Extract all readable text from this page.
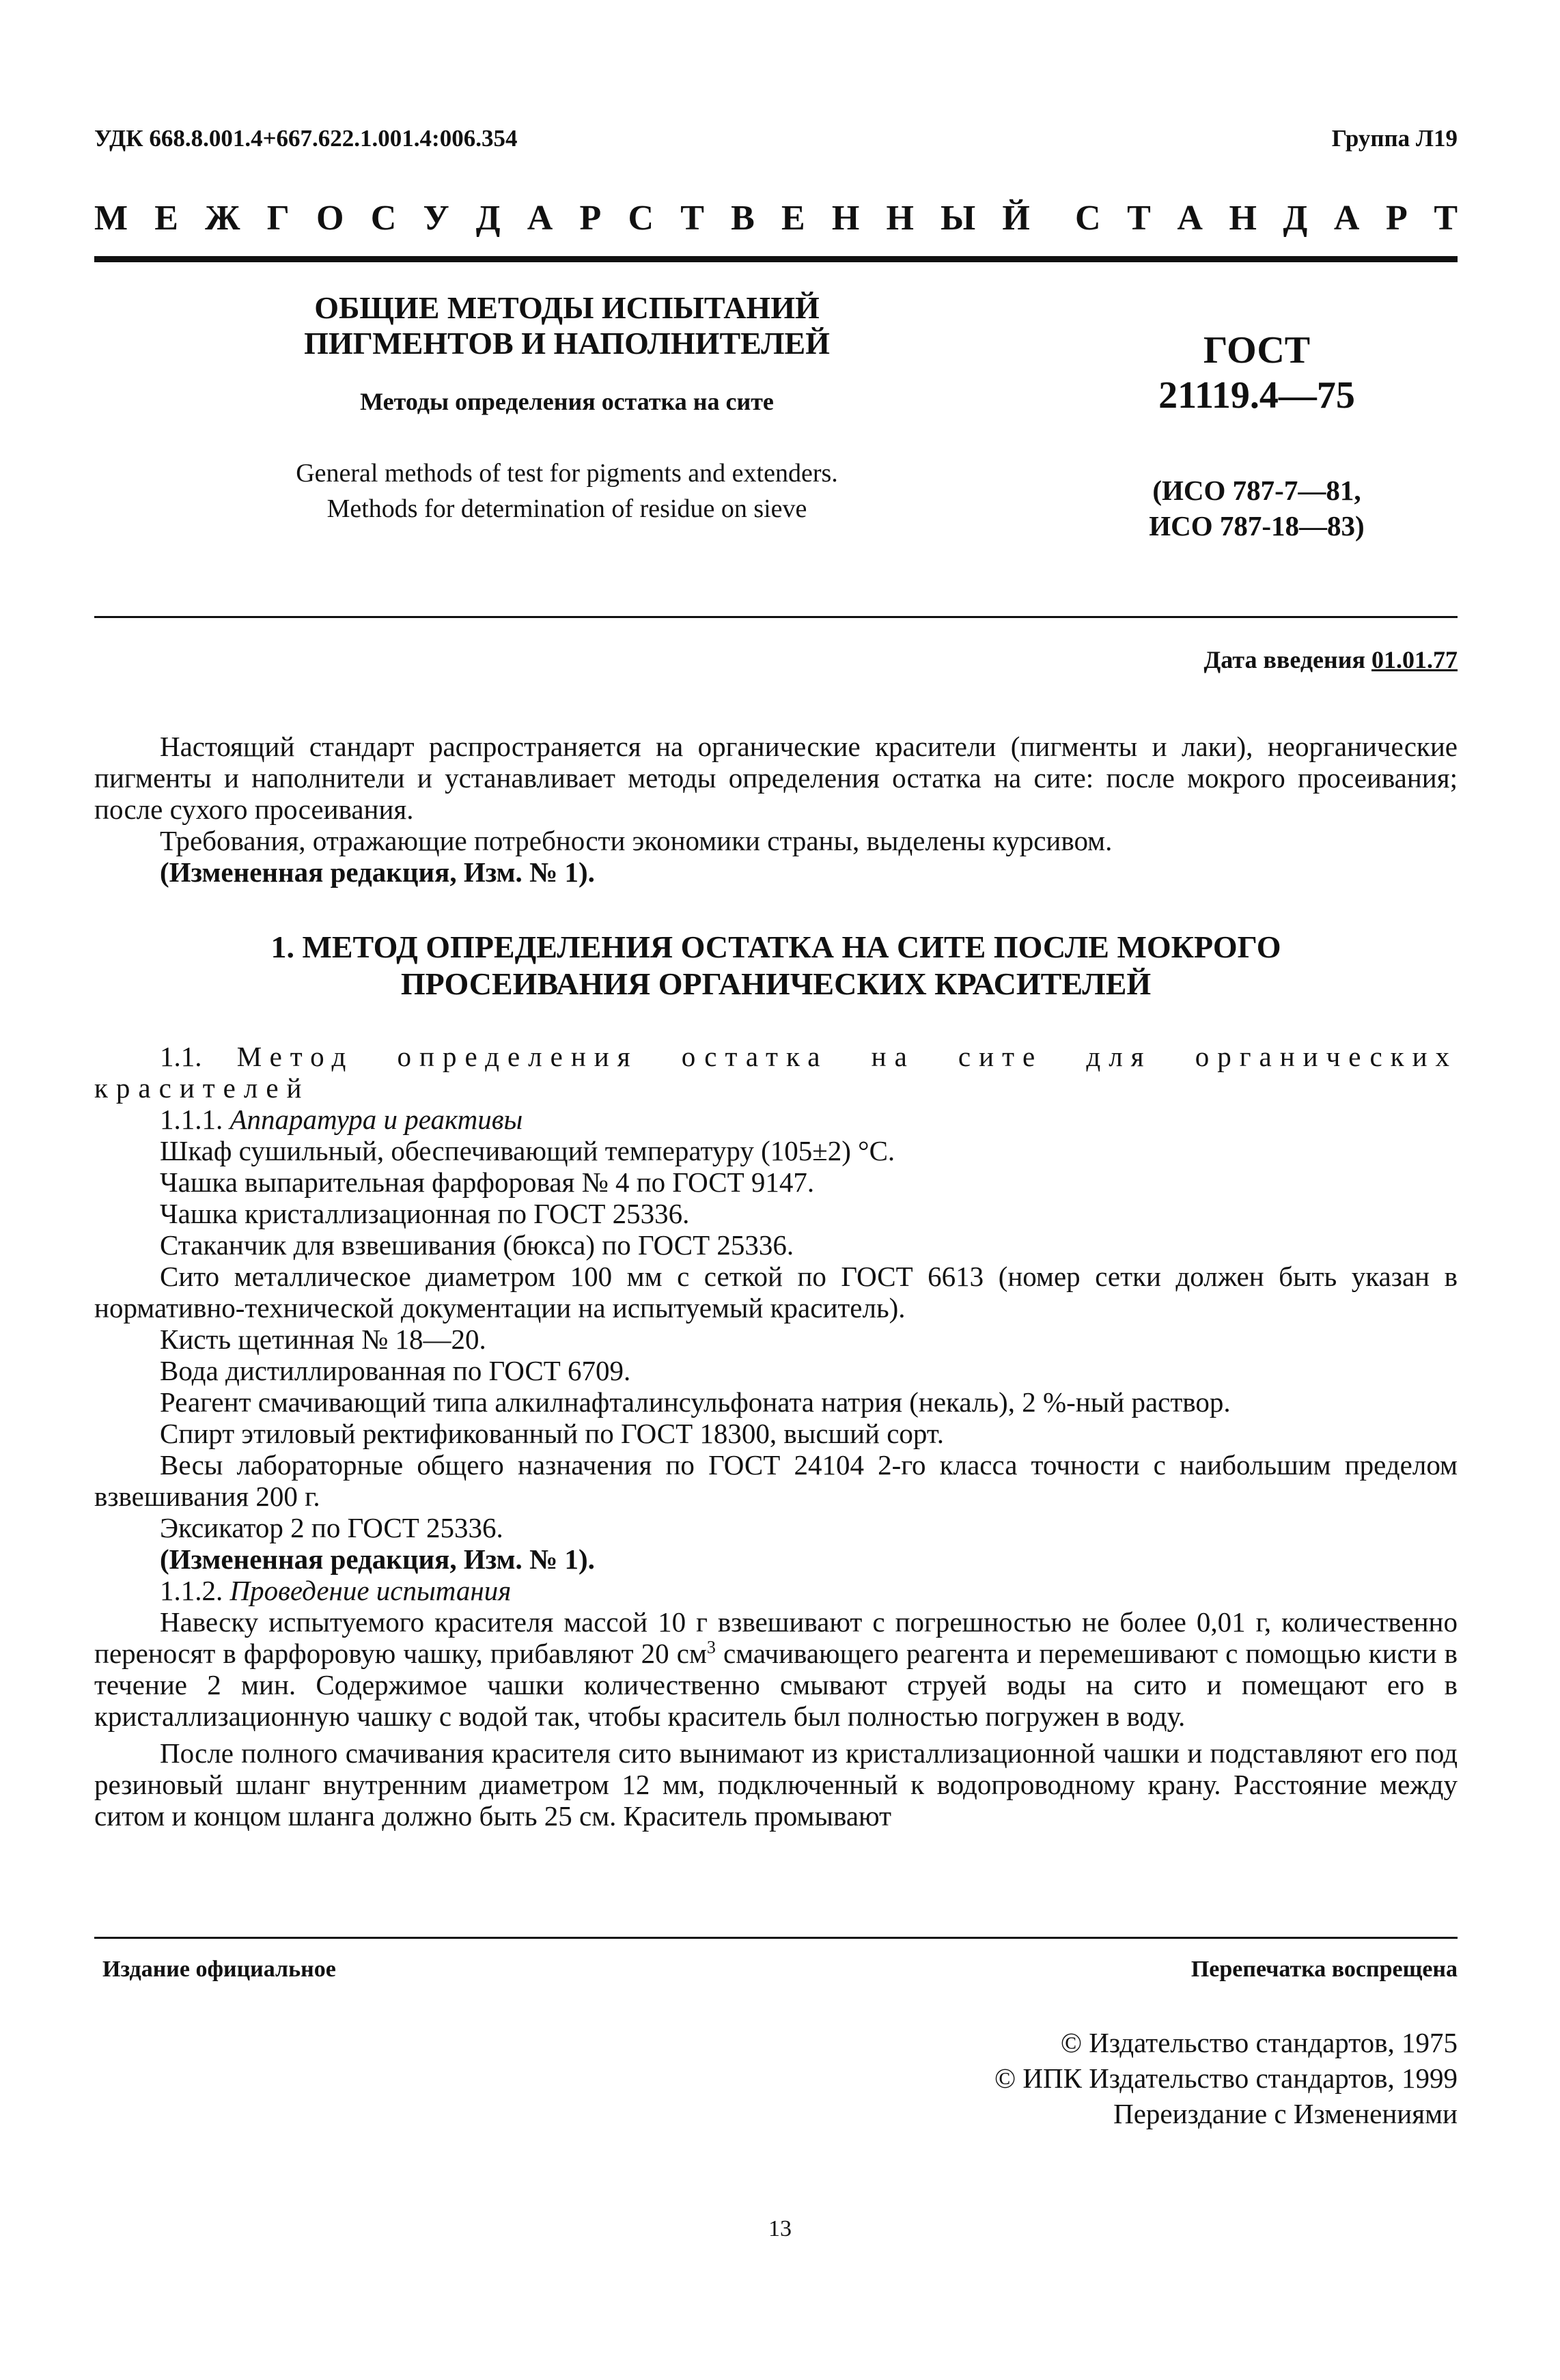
УДК 668.8.001.4+667.622.1.001.4:006.354	Группа Л19
М Е Ж Г О С У Д А Р С Т В Е Н Н Ы Й С Т А Н Д А Р Т
ОБЩИЕ МЕТОДЫ ИСПЫТАНИЙ
ПИГМЕНТОВ И НАПОЛНИТЕЛЕЙ
Методы определения остатка на сите
General methods of test for pigments and extenders.
Methods for determination of residue on sieve
ГОСТ
21119.4—75
(ИСО 787-7—81,
ИСО 787-18—83)
Дата введения 01.01.77

Настоящий стандарт распространяется на органические красители (пигменты и лаки), неорганические пигменты и наполнители и устанавливает методы определения остатка на сите: после мокрого просеивания; после сухого просеивания.

Требования, отражающие потребности экономики страны, выделены курсивом.

(Измененная редакция, Изм. № 1).

1. МЕТОД ОПРЕДЕЛЕНИЯ ОСТАТКА НА СИТЕ ПОСЛЕ МОКРОГО
ПРОСЕИВАНИЯ ОРГАНИЧЕСКИХ КРАСИТЕЛЕЙ

1.1. Метод определения остатка на сите для органических красителей

1.1.1. Аппаратура и реактивы

Шкаф сушильный, обеспечивающий температуру (105±2) °С.

Чашка выпарительная фарфоровая № 4 по ГОСТ 9147.

Чашка кристаллизационная по ГОСТ 25336.

Стаканчик для взвешивания (бюкса) по ГОСТ 25336.

Сито металлическое диаметром 100 мм с сеткой по ГОСТ 6613 (номер сетки должен быть указан в нормативно-технической документации на испытуемый краситель).

Кисть щетинная № 18—20.

Вода дистиллированная по ГОСТ 6709.

Реагент смачивающий типа алкилнафталинсульфоната натрия (некаль), 2 %-ный раствор.

Спирт этиловый ректификованный по ГОСТ 18300, высший сорт.

Весы лабораторные общего назначения по ГОСТ 24104 2-го класса точности с наибольшим пределом взвешивания 200 г.

Эксикатор 2 по ГОСТ 25336.

(Измененная редакция, Изм. № 1).

1.1.2. Проведение испытания

Навеску испытуемого красителя массой 10 г взвешивают с погрешностью не более 0,01 г, количественно переносят в фарфоровую чашку, прибавляют 20 $см^3$ смачивающего реагента и перемешивают с помощью кисти в течение 2 мин. Содержимое чашки количественно смывают струей воды на сито и помещают его в кристаллизационную чашку с водой так, чтобы краситель был полностью погружен в воду.

После полного смачивания красителя сито вынимают из кристаллизационной чашки и подставляют его под резиновый шланг внутренним диаметром 12 мм, подключенный к водопроводному крану. Расстояние между ситом и концом шланга должно быть 25 см. Краситель промывают

Издание официальное	Перепечатка воспрещена
© Издательство стандартов, 1975
© ИПК Издательство стандартов, 1999
Переиздание с Изменениями
13
